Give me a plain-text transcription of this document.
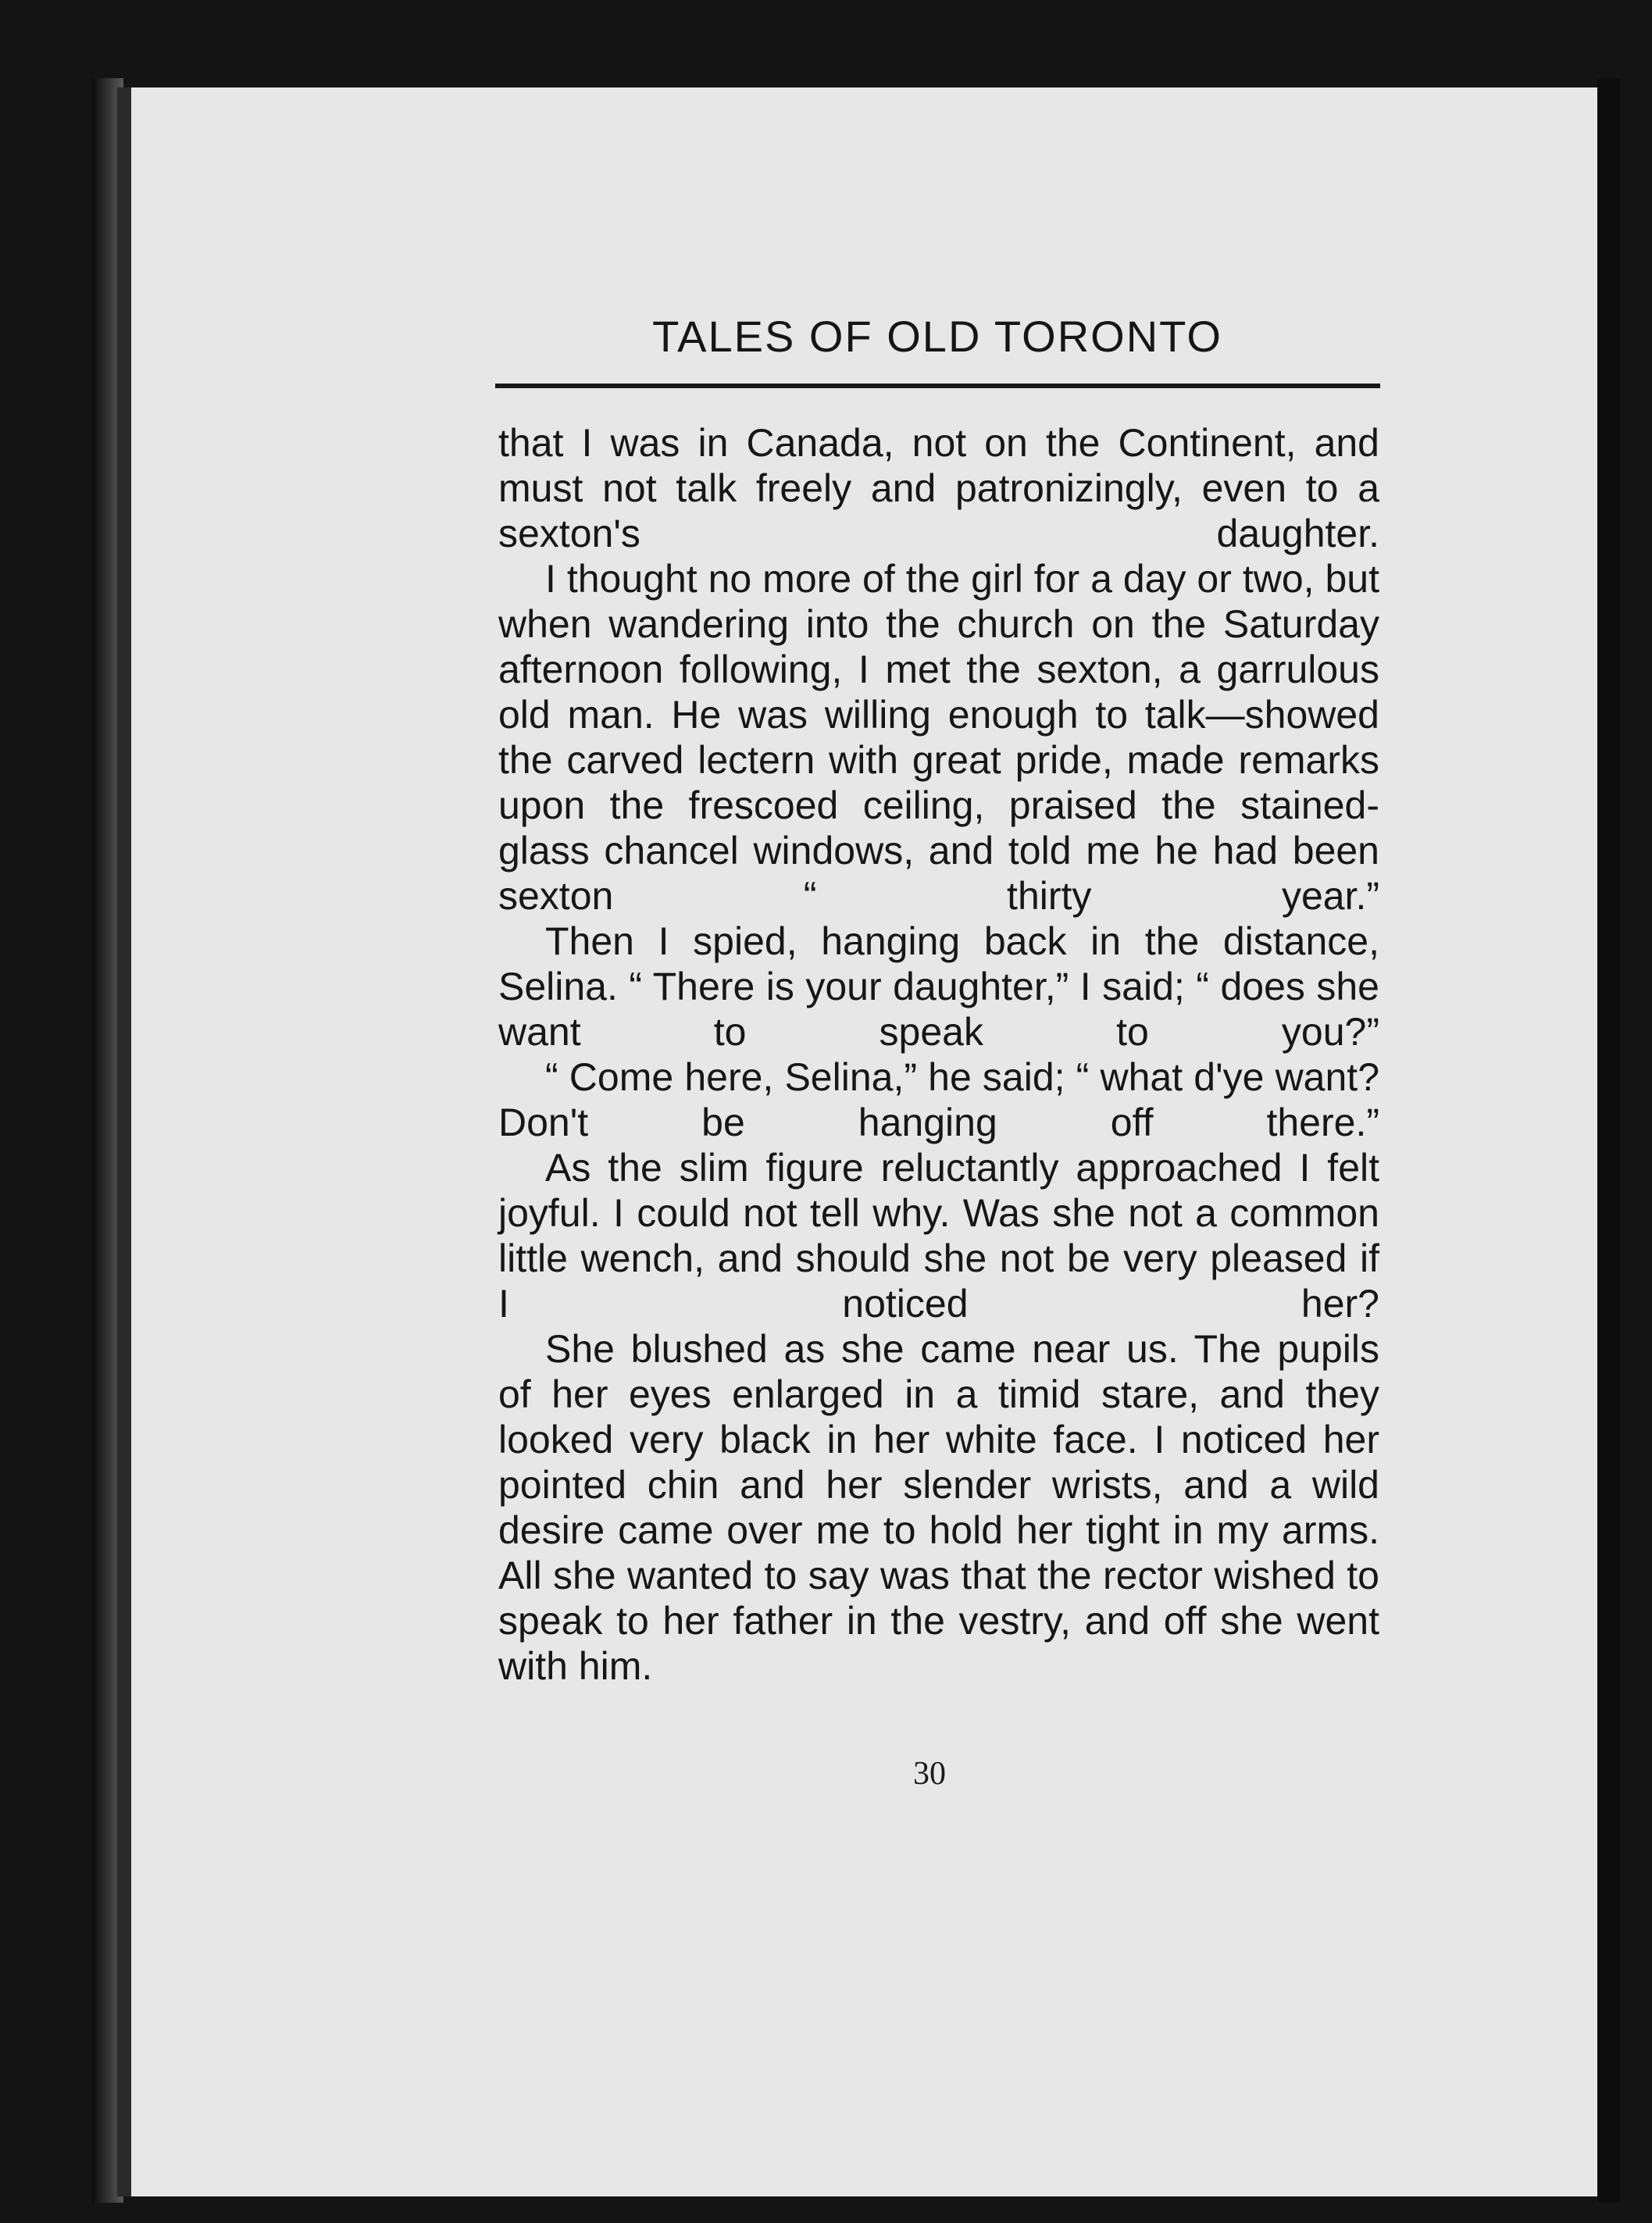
TALES OF OLD TORONTO

that I was in Canada, not on the Continent, and must not talk freely and patronizingly, even to a sexton's daughter.

I thought no more of the girl for a day or two, but when wandering into the church on the Saturday afternoon following, I met the sexton, a garrulous old man. He was willing enough to talk—showed the carved lectern with great pride, made remarks upon the frescoed ceiling, praised the stained-glass chancel windows, and told me he had been sexton “ thirty year.”

Then I spied, hanging back in the distance, Selina. “ There is your daughter,” I said; “ does she want to speak to you?”

“ Come here, Selina,” he said; “ what d'ye want? Don't be hanging off there.”

As the slim figure reluctantly approached I felt joyful. I could not tell why. Was she not a common little wench, and should she not be very pleased if I noticed her?

She blushed as she came near us. The pupils of her eyes enlarged in a timid stare, and they looked very black in her white face. I noticed her pointed chin and her slender wrists, and a wild desire came over me to hold her tight in my arms. All she wanted to say was that the rector wished to speak to her father in the vestry, and off she went with him.

30
